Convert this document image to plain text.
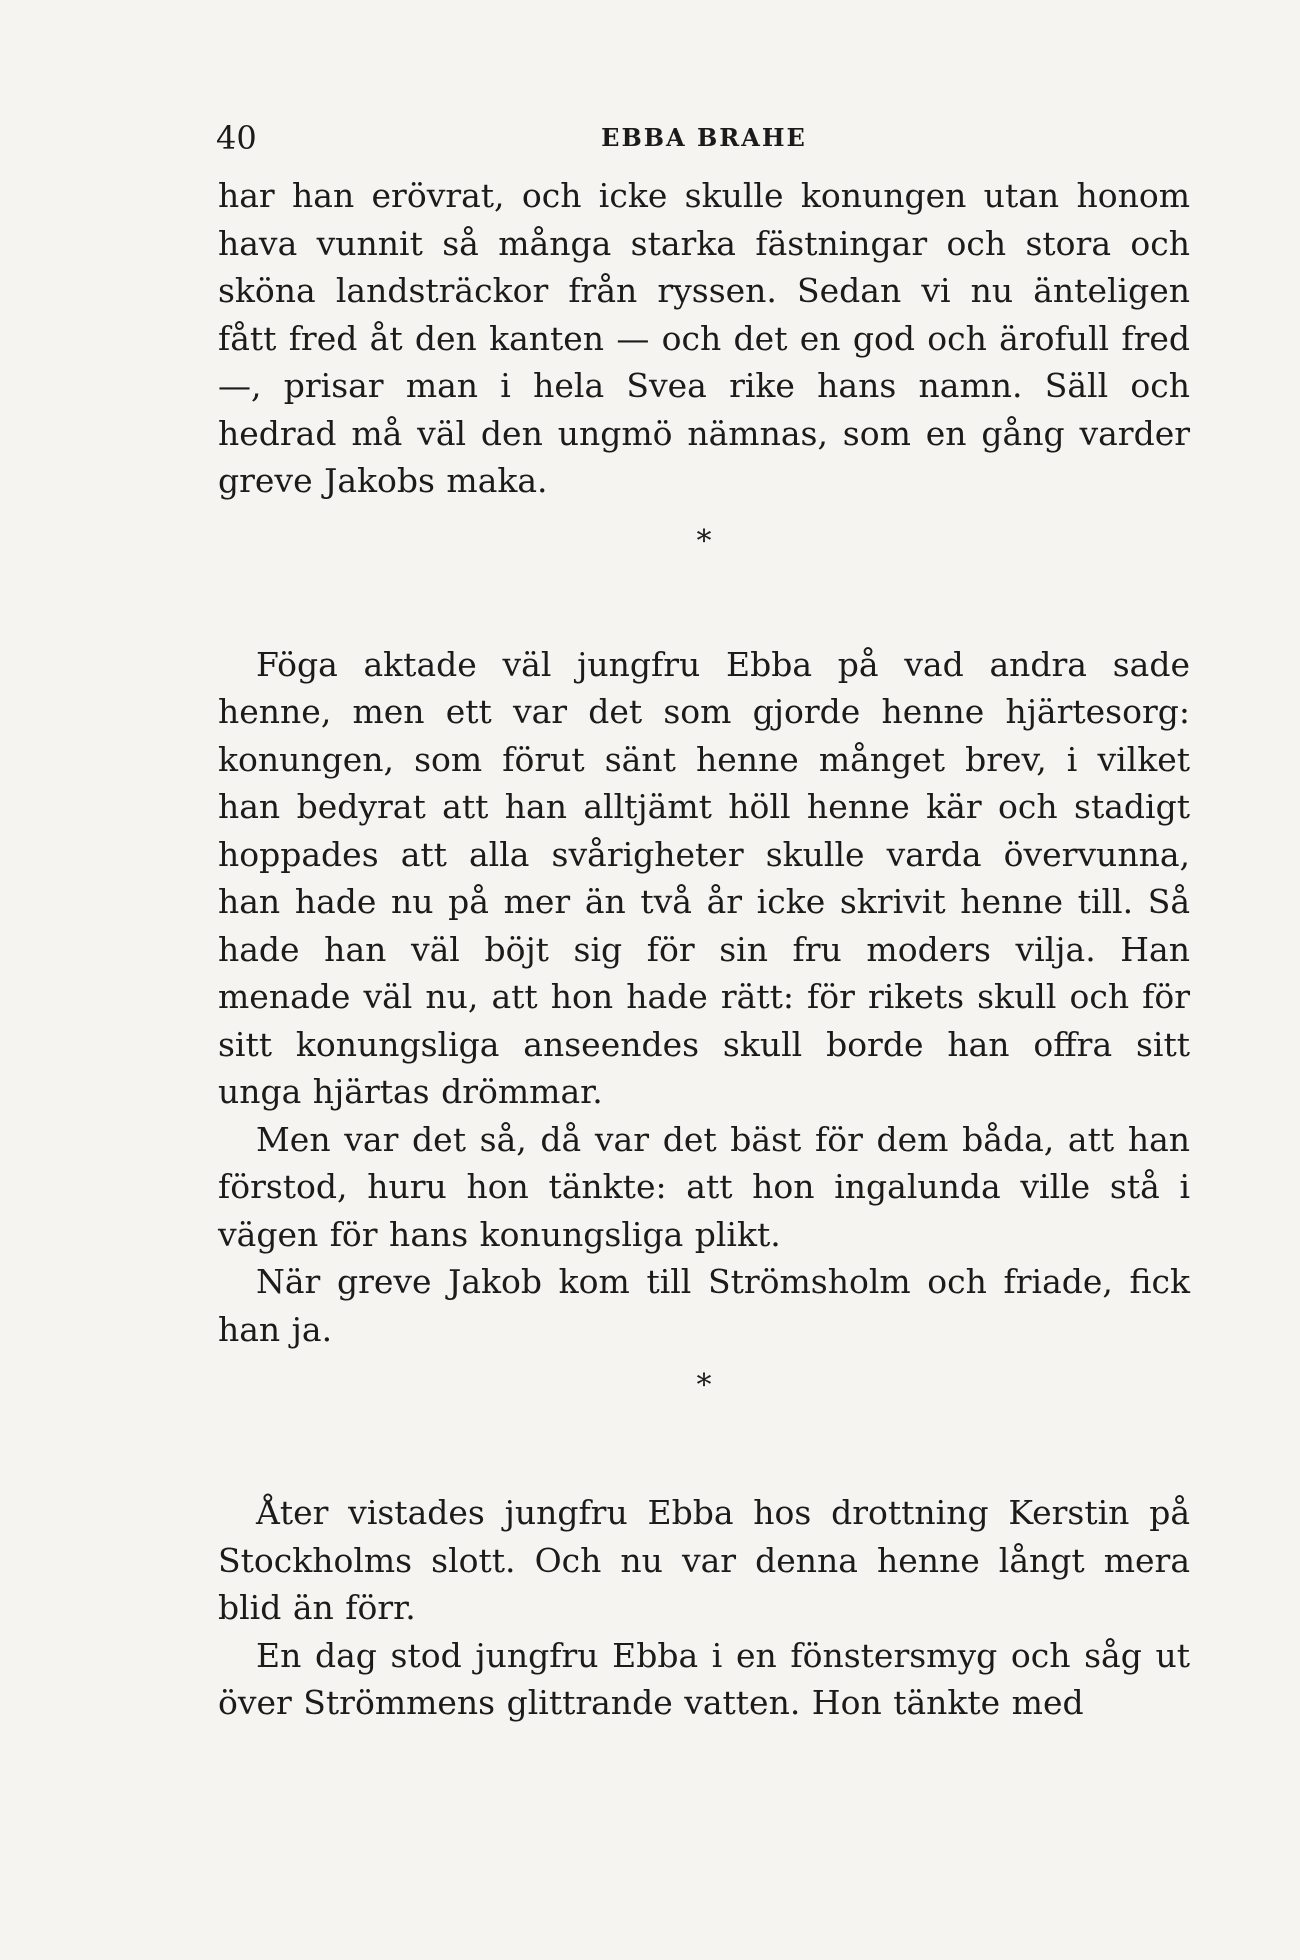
40	EBBA BRAHE

har han erövrat, och icke skulle konungen utan honom hava vunnit så många starka fästningar och stora och sköna landsträckor från ryssen. Sedan vi nu änteligen fått fred åt den kanten — och det en god och ärofull fred —, prisar man i hela Svea rike hans namn. Säll och hedrad må väl den ungmö nämnas, som en gång varder greve Jakobs maka.

*

Föga aktade väl jungfru Ebba på vad andra sade henne, men ett var det som gjorde henne hjärtesorg: konungen, som förut sänt henne månget brev, i vilket han bedyrat att han alltjämt höll henne kär och stadigt hoppades att alla svårigheter skulle varda övervunna, han hade nu på mer än två år icke skrivit henne till. Så hade han väl böjt sig för sin fru moders vilja. Han menade väl nu, att hon hade rätt: för rikets skull och för sitt konungsliga anseendes skull borde han offra sitt unga hjärtas drömmar.

Men var det så, då var det bäst för dem båda, att han förstod, huru hon tänkte: att hon ingalunda ville stå i vägen för hans konungsliga plikt.

När greve Jakob kom till Strömsholm och friade, fick han ja.

*

Åter vistades jungfru Ebba hos drottning Kerstin på Stockholms slott. Och nu var denna henne långt mera blid än förr.

En dag stod jungfru Ebba i en fönstersmyg och såg ut över Strömmens glittrande vatten. Hon tänkte med
